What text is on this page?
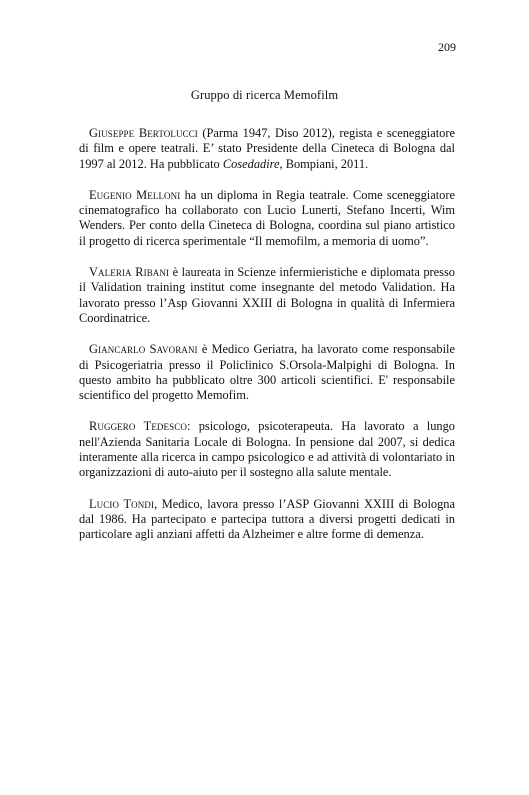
209
Gruppo di ricerca Memofilm

Giuseppe Bertolucci (Parma 1947, Diso 2012), regista e sceneggiatore di film e opere teatrali. E’ stato Presidente della Cineteca di Bologna dal 1997 al 2012. Ha pubblicato Cosedadire, Bompiani, 2011.

Eugenio Melloni ha un diploma in Regia teatrale. Come sceneggiatore cinematografico ha collaborato con Lucio Lunerti, Stefano Incerti, Wim Wenders. Per conto della Cineteca di Bologna, coordina sul piano artistico il progetto di ricerca sperimentale “Il memofilm, a memoria di uomo”.

Valeria Ribani è laureata in Scienze infermieristiche e diplomata presso il Validation training institut come insegnante del metodo Validation. Ha lavorato presso l’Asp Giovanni XXIII di Bologna in qualità di Infermiera Coordinatrice.

Giancarlo Savorani è Medico Geriatra, ha lavorato come responsabile di Psicogeriatria presso il Policlinico S.Orsola-Malpighi di Bologna. In questo ambito ha pubblicato oltre 300 articoli scientifici. E' responsabile scientifico del progetto Memofim.

Ruggero Tedesco: psicologo, psicoterapeuta. Ha lavorato a lungo nell'Azienda Sanitaria Locale di Bologna. In pensione dal 2007, si dedica interamente alla ricerca in campo psicologico e ad attività di volontariato in organizzazioni di auto-aiuto per il sostegno alla salute mentale.

Lucio Tondi, Medico, lavora presso l’ASP Giovanni XXIII di Bologna dal 1986. Ha partecipato e partecipa tuttora a diversi progetti dedicati in particolare agli anziani affetti da Alzheimer e altre forme di demenza.
